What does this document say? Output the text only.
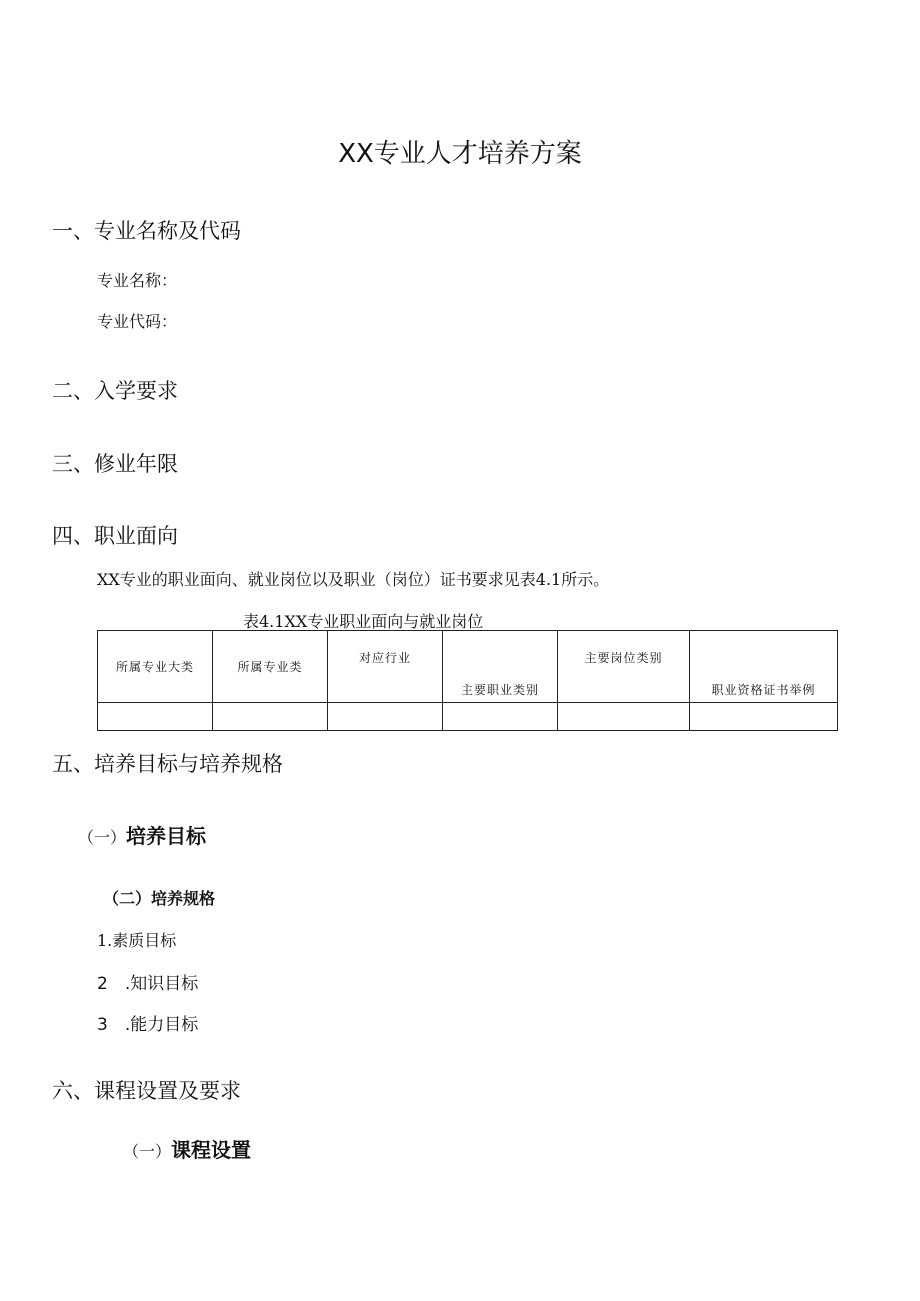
XX专业人才培养方案
一、专业名称及代码
专业名称：
专业代码：
二、入学要求
三、修业年限
四、职业面向
XX专业的职业面向、就业岗位以及职业（岗位）证书要求见表4.1所示。
表4.1XX专业职业面向与就业岗位
所属专业大类	所属专业类	对应行业	主要职业类别	主要岗位类别	职业资格证书举例

五、培养目标与培养规格
（一）培养目标
（二）培养规格
1.素质目标
2　.知识目标
3　.能力目标
六、课程设置及要求
（一）课程设置
